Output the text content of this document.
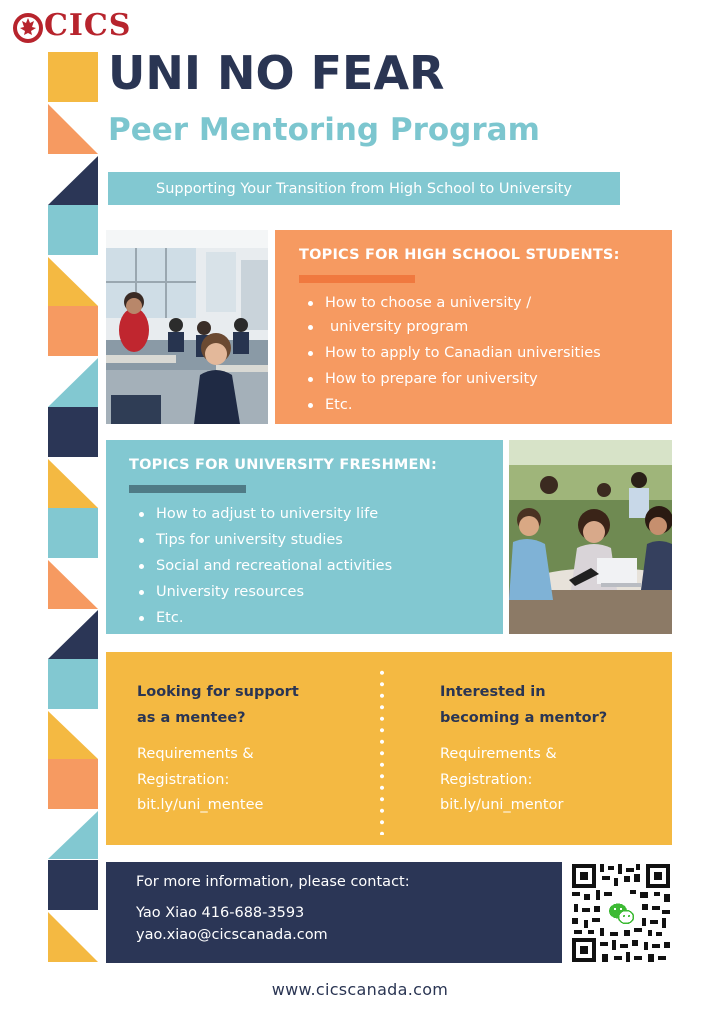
CICS
UNI NO FEAR
Peer Mentoring Program
Supporting Your Transition from High School to University
TOPICS FOR HIGH SCHOOL STUDENTS:
How to choose a university /
university program
How to apply to Canadian universities
How to prepare for university
Etc.
TOPICS FOR UNIVERSITY FRESHMEN:
How to adjust to university life
Tips for university studies
Social and recreational activities
University resources
Etc.
Looking for support
as a mentee?
Requirements &
Registration:
bit.ly/uni_mentee
Interested in
becoming a mentor?
Requirements &
Registration:
bit.ly/uni_mentor
For more information, please contact:
Yao Xiao 416-688-3593
yao.xiao@cicscanada.com
www.cicscanada.com
